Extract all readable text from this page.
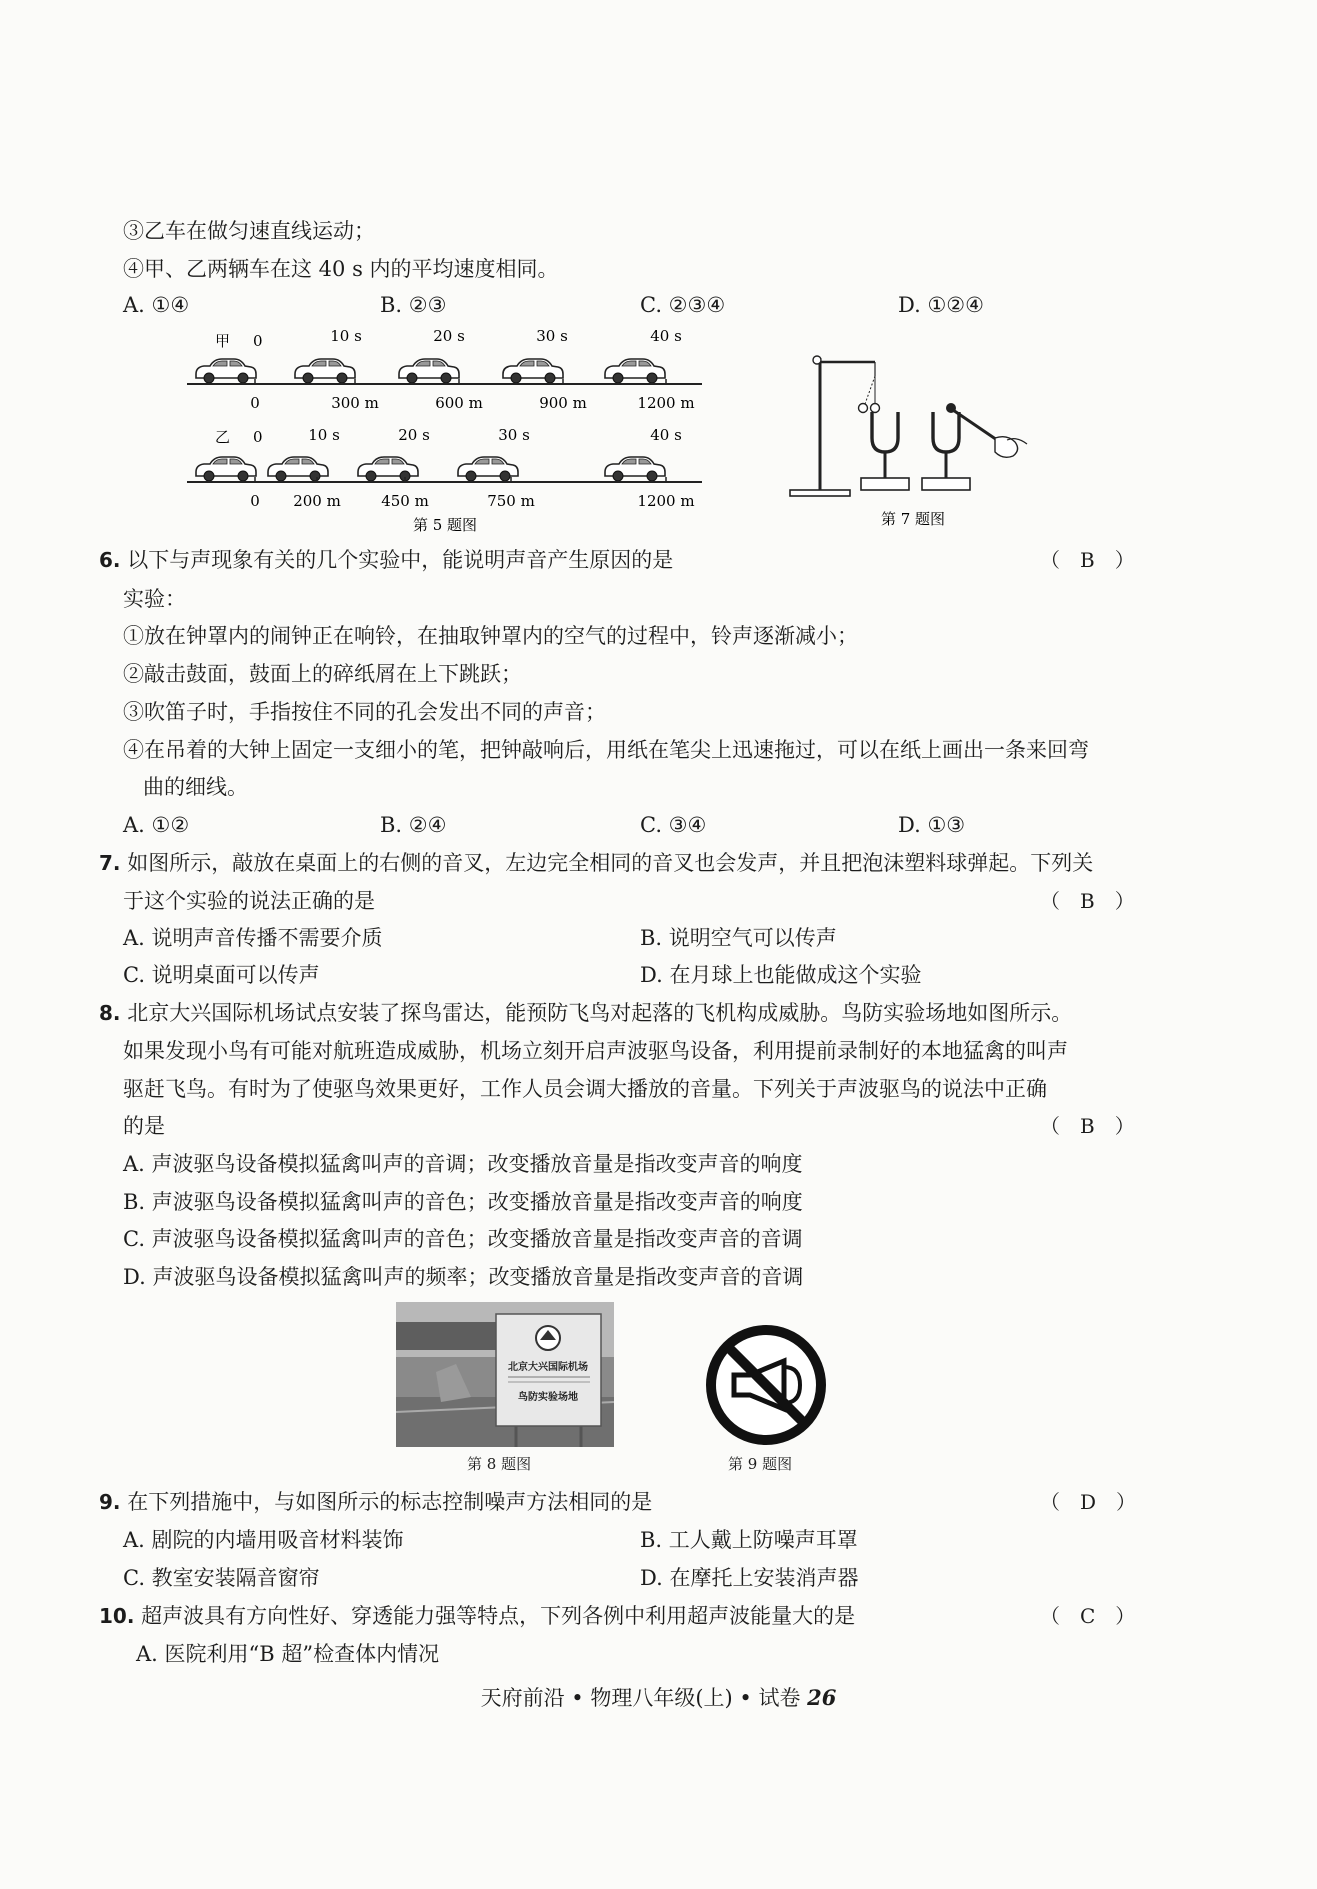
③乙车在做匀速直线运动；
④甲、乙两辆车在这 40 s 内的平均速度相同。
A. ①④	B. ②③	C. ②③④	D. ①②④
甲 0	10 s	20 s	30 s	40 s
0	300 m	600 m	900 m	1200 m
乙 0	10 s	20 s	30 s	40 s
0 200 m	450 m	750 m	1200 m
第 5 题图	第 7 题图
6. 以下与声现象有关的几个实验中，能说明声音产生原因的是	（　B　）
实验：
①放在钟罩内的闹钟正在响铃，在抽取钟罩内的空气的过程中，铃声逐渐减小；
②敲击鼓面，鼓面上的碎纸屑在上下跳跃；
③吹笛子时，手指按住不同的孔会发出不同的声音；
④在吊着的大钟上固定一支细小的笔，把钟敲响后，用纸在笔尖上迅速拖过，可以在纸上画出一条来回弯
曲的细线。
A. ①②	B. ②④	C. ③④	D. ①③
7. 如图所示，敲放在桌面上的右侧的音叉，左边完全相同的音叉也会发声，并且把泡沫塑料球弹起。下列关
于这个实验的说法正确的是	（　B　）
A. 说明声音传播不需要介质	B. 说明空气可以传声
C. 说明桌面可以传声	D. 在月球上也能做成这个实验
8. 北京大兴国际机场试点安装了探鸟雷达，能预防飞鸟对起落的飞机构成威胁。鸟防实验场地如图所示。
如果发现小鸟有可能对航班造成威胁，机场立刻开启声波驱鸟设备，利用提前录制好的本地猛禽的叫声
驱赶飞鸟。有时为了使驱鸟效果更好，工作人员会调大播放的音量。下列关于声波驱鸟的说法中正确
的是	（　B　）
A. 声波驱鸟设备模拟猛禽叫声的音调；改变播放音量是指改变声音的响度
B. 声波驱鸟设备模拟猛禽叫声的音色；改变播放音量是指改变声音的响度
C. 声波驱鸟设备模拟猛禽叫声的音色；改变播放音量是指改变声音的音调
D. 声波驱鸟设备模拟猛禽叫声的频率；改变播放音量是指改变声音的音调
北京大兴国际机场
鸟防实验场地
第 8 题图	第 9 题图
9. 在下列措施中，与如图所示的标志控制噪声方法相同的是	（　D　）
A. 剧院的内墙用吸音材料装饰	B. 工人戴上防噪声耳罩
C. 教室安装隔音窗帘	D. 在摩托上安装消声器
10. 超声波具有方向性好、穿透能力强等特点，下列各例中利用超声波能量大的是	（　C　）
A. 医院利用“B 超”检查体内情况
天府前沿 • 物理八年级(上) • 试卷 26
